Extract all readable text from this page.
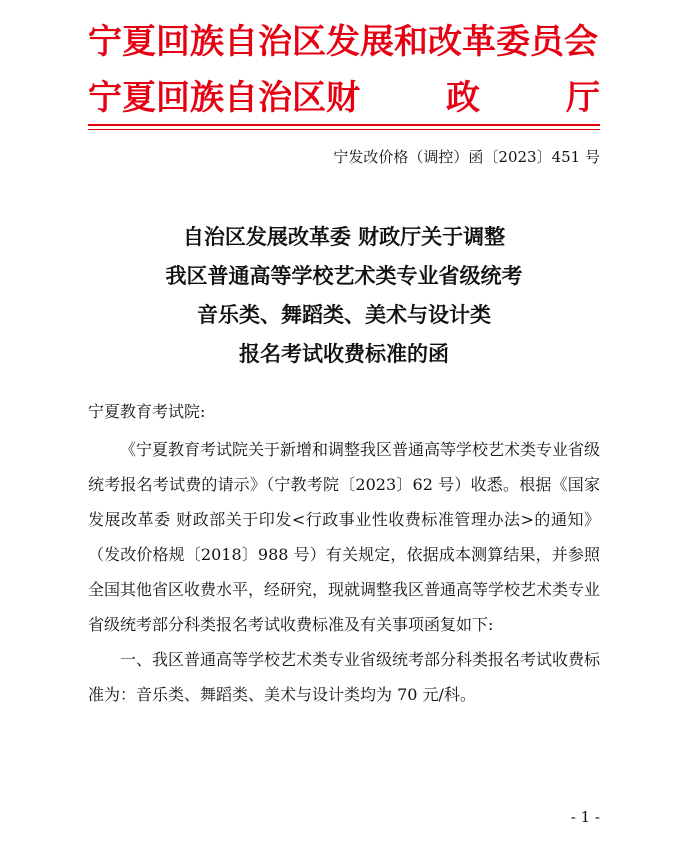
宁夏回族自治区发展和改革委员会
宁夏回族自治区财	政	厅
宁发改价格（调控）函〔2023〕451 号
自治区发展改革委 财政厅关于调整
我区普通高等学校艺术类专业省级统考
音乐类、舞蹈类、美术与设计类
报名考试收费标准的函
宁夏教育考试院:

《宁夏教育考试院关于新增和调整我区普通高等学校艺术类专业省级统考报名考试费的请示》（宁教考院〔2023〕62 号）收悉。根据《国家发展改革委 财政部关于印发<行政事业性收费标准管理办法>的通知》（发改价格规〔2018〕988 号）有关规定，依据成本测算结果，并参照全国其他省区收费水平，经研究，现就调整我区普通高等学校艺术类专业省级统考部分科类报名考试收费标准及有关事项函复如下:

一、我区普通高等学校艺术类专业省级统考部分科类报名考试收费标准为：音乐类、舞蹈类、美术与设计类均为 70 元/科。

- 1 -
